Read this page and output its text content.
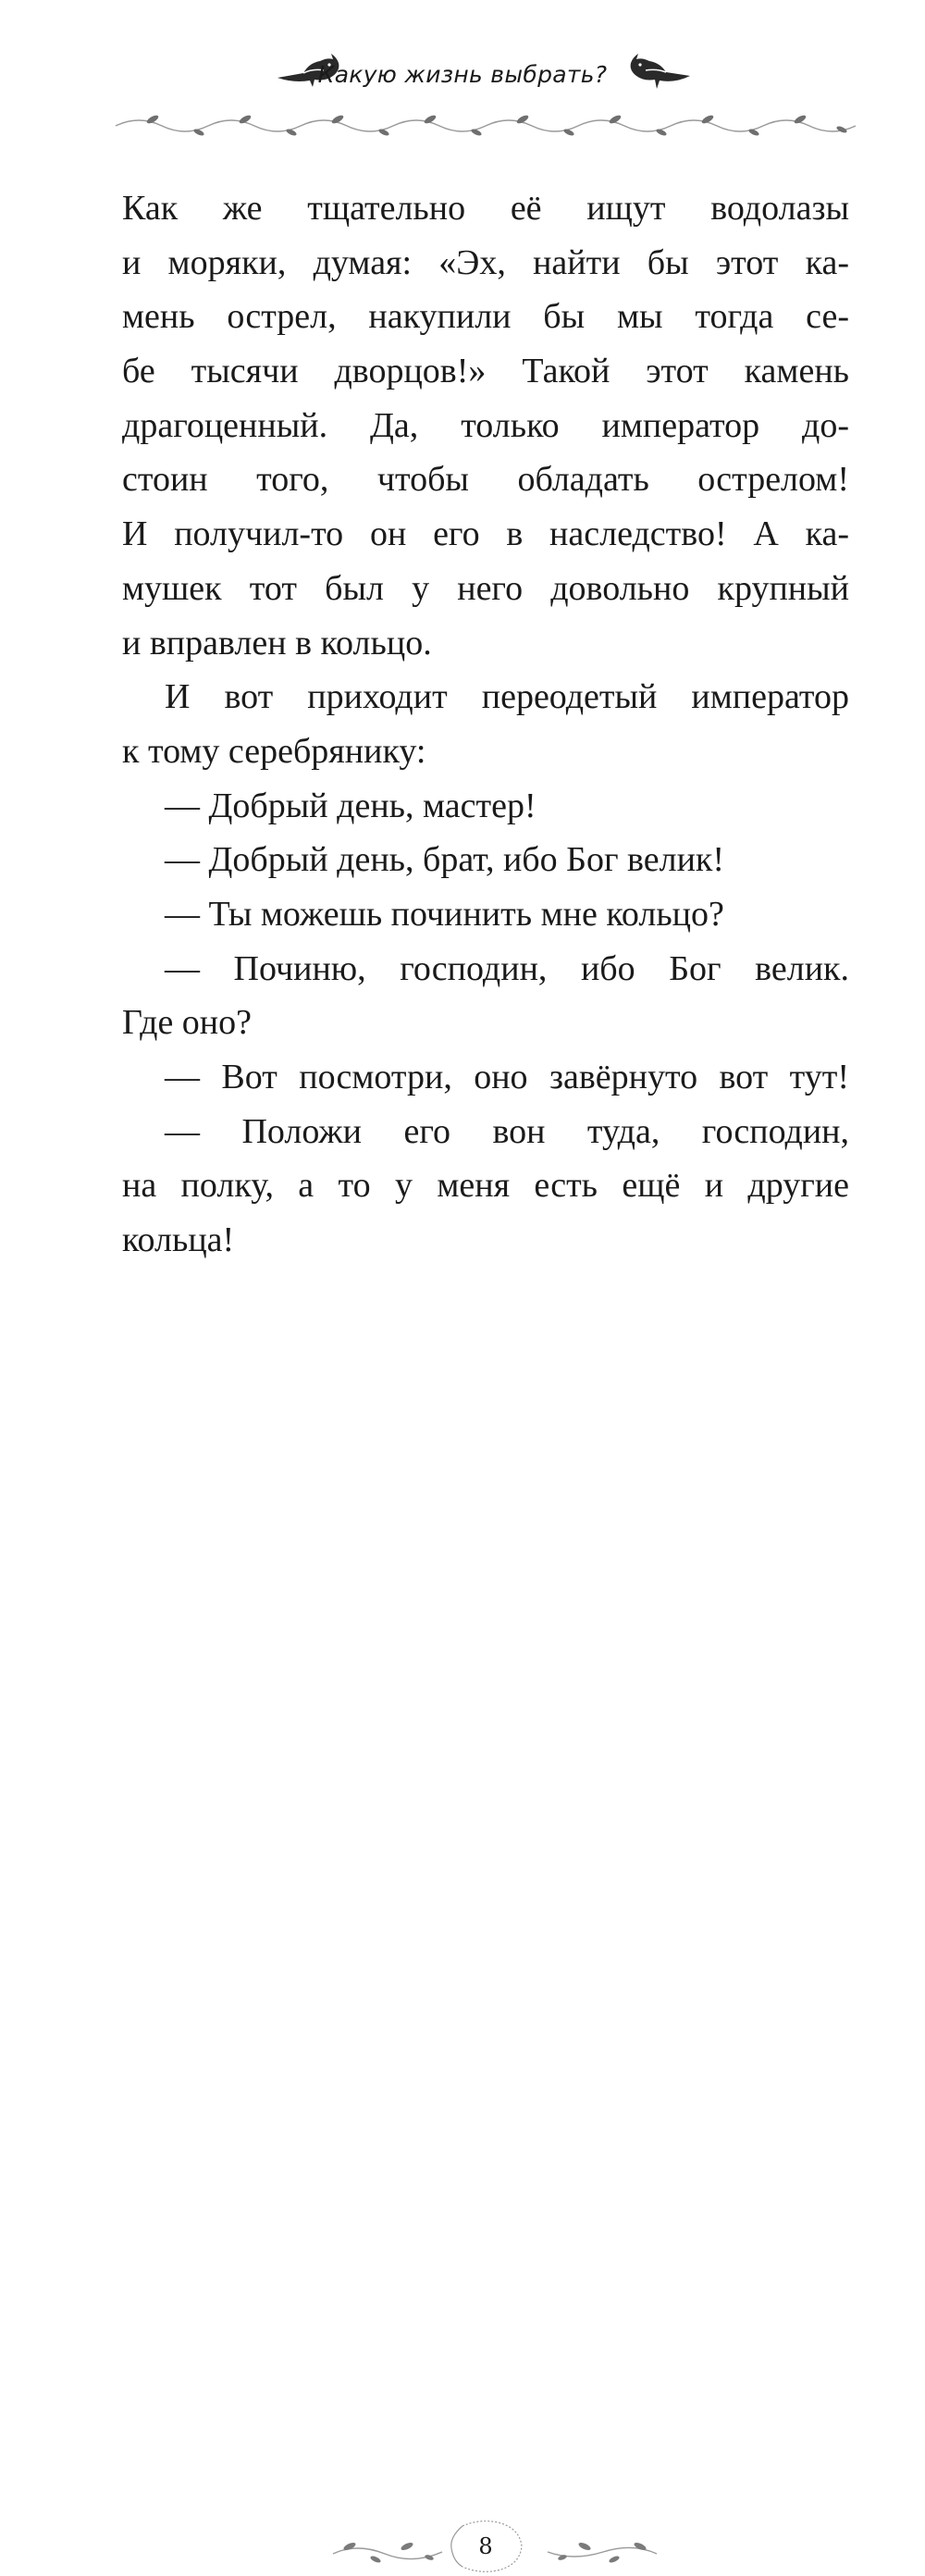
Какую жизнь выбрать?
Как же тщательно её ищут водолазы
и моряки, думая: «Эх, найти бы этот ка-
мень острел, накупили бы мы тогда се-
бе тысячи дворцов!» Такой этот камень
драгоценный. Да, только император до-
стоин того, чтобы обладать острелом!
И получил-то он его в наследство! А ка-
мушек тот был у него довольно крупный
и вправлен в кольцо.
И вот приходит переодетый император
к тому серебрянику:
— Добрый день, мастер!
— Добрый день, брат, ибо Бог велик!
— Ты можешь починить мне кольцо?
— Починю, господин, ибо Бог велик.
Где оно?
— Вот посмотри, оно завёрнуто вот тут!
— Положи его вон туда, господин,
на полку, а то у меня есть ещё и другие
кольца!
8
